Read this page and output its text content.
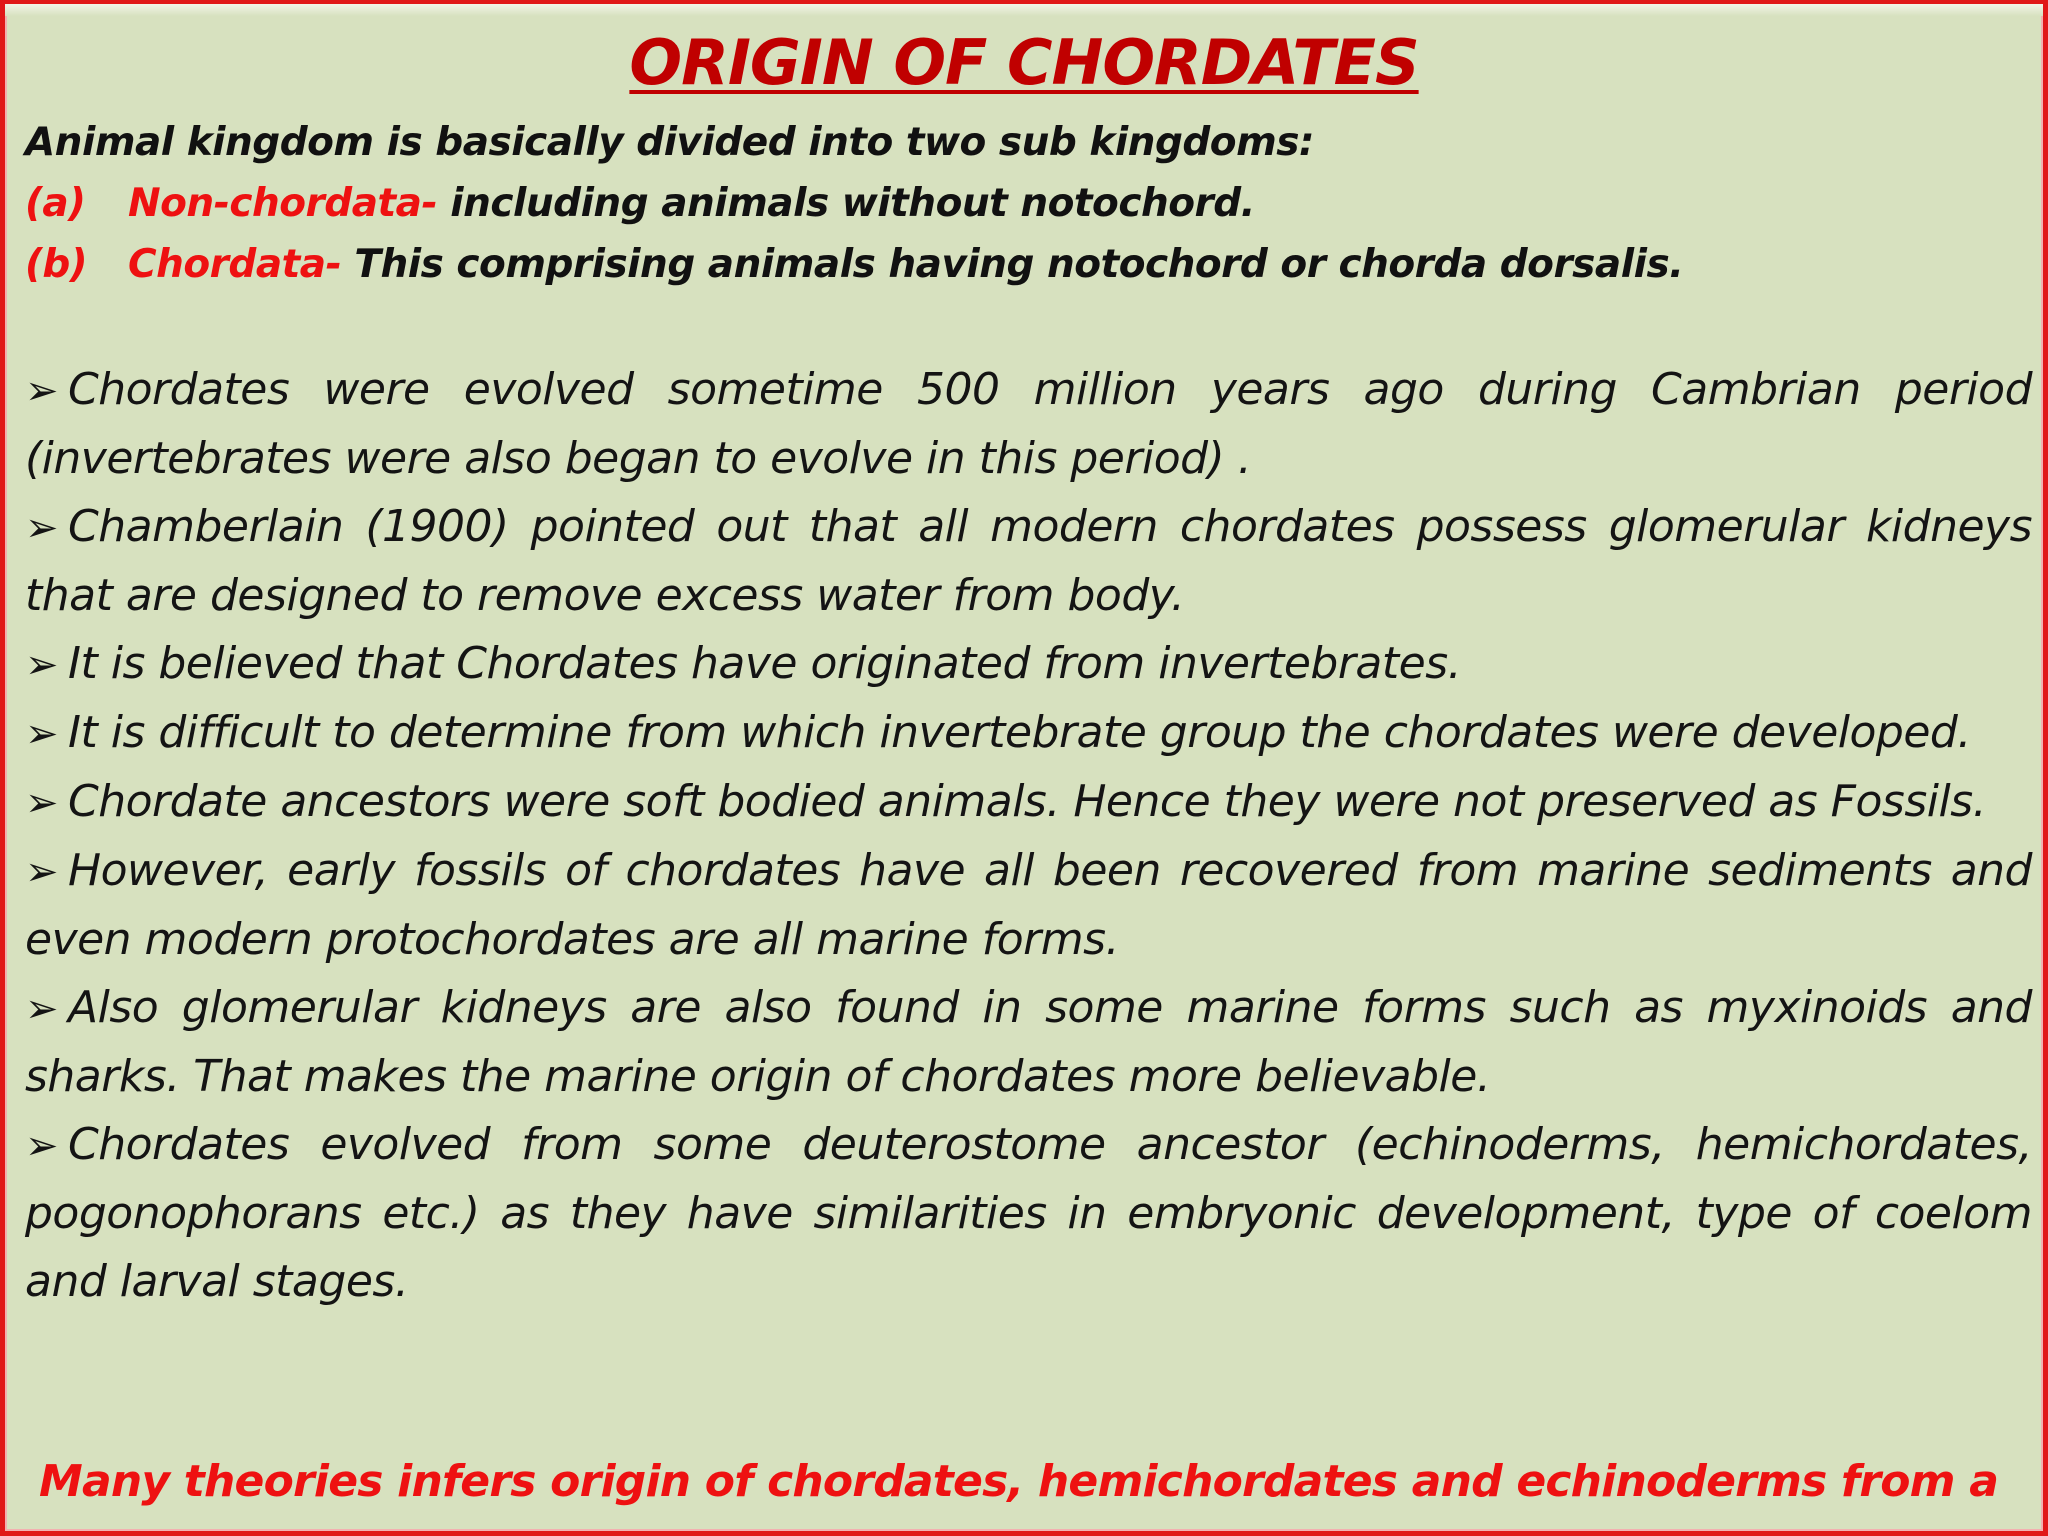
ORIGIN OF CHORDATES
Animal kingdom is basically divided into two sub kingdoms:
(a) Non-chordata- including animals without notochord.
(b) Chordata- This comprising animals having notochord or chorda dorsalis.

➢ Chordates were evolved sometime 500 million years ago during Cambrian period (invertebrates were also began to evolve in this period) .

➢ Chamberlain (1900) pointed out that all modern chordates possess glomerular kidneys that are designed to remove excess water from body.

➢ It is believed that Chordates have originated from invertebrates.

➢ It is difficult to determine from which invertebrate group the chordates were developed.

➢ Chordate ancestors were soft bodied animals. Hence they were not preserved as Fossils.

➢ However, early fossils of chordates have all been recovered from marine sediments and even modern protochordates are all marine forms.

➢ Also glomerular kidneys are also found in some marine forms such as myxinoids and sharks. That makes the marine origin of chordates more believable.

➢ Chordates evolved from some deuterostome ancestor (echinoderms, hemichordates, pogonophorans etc.) as they have similarities in embryonic development, type of coelom and larval stages.

Many theories infers origin of chordates, hemichordates and echinoderms from a
